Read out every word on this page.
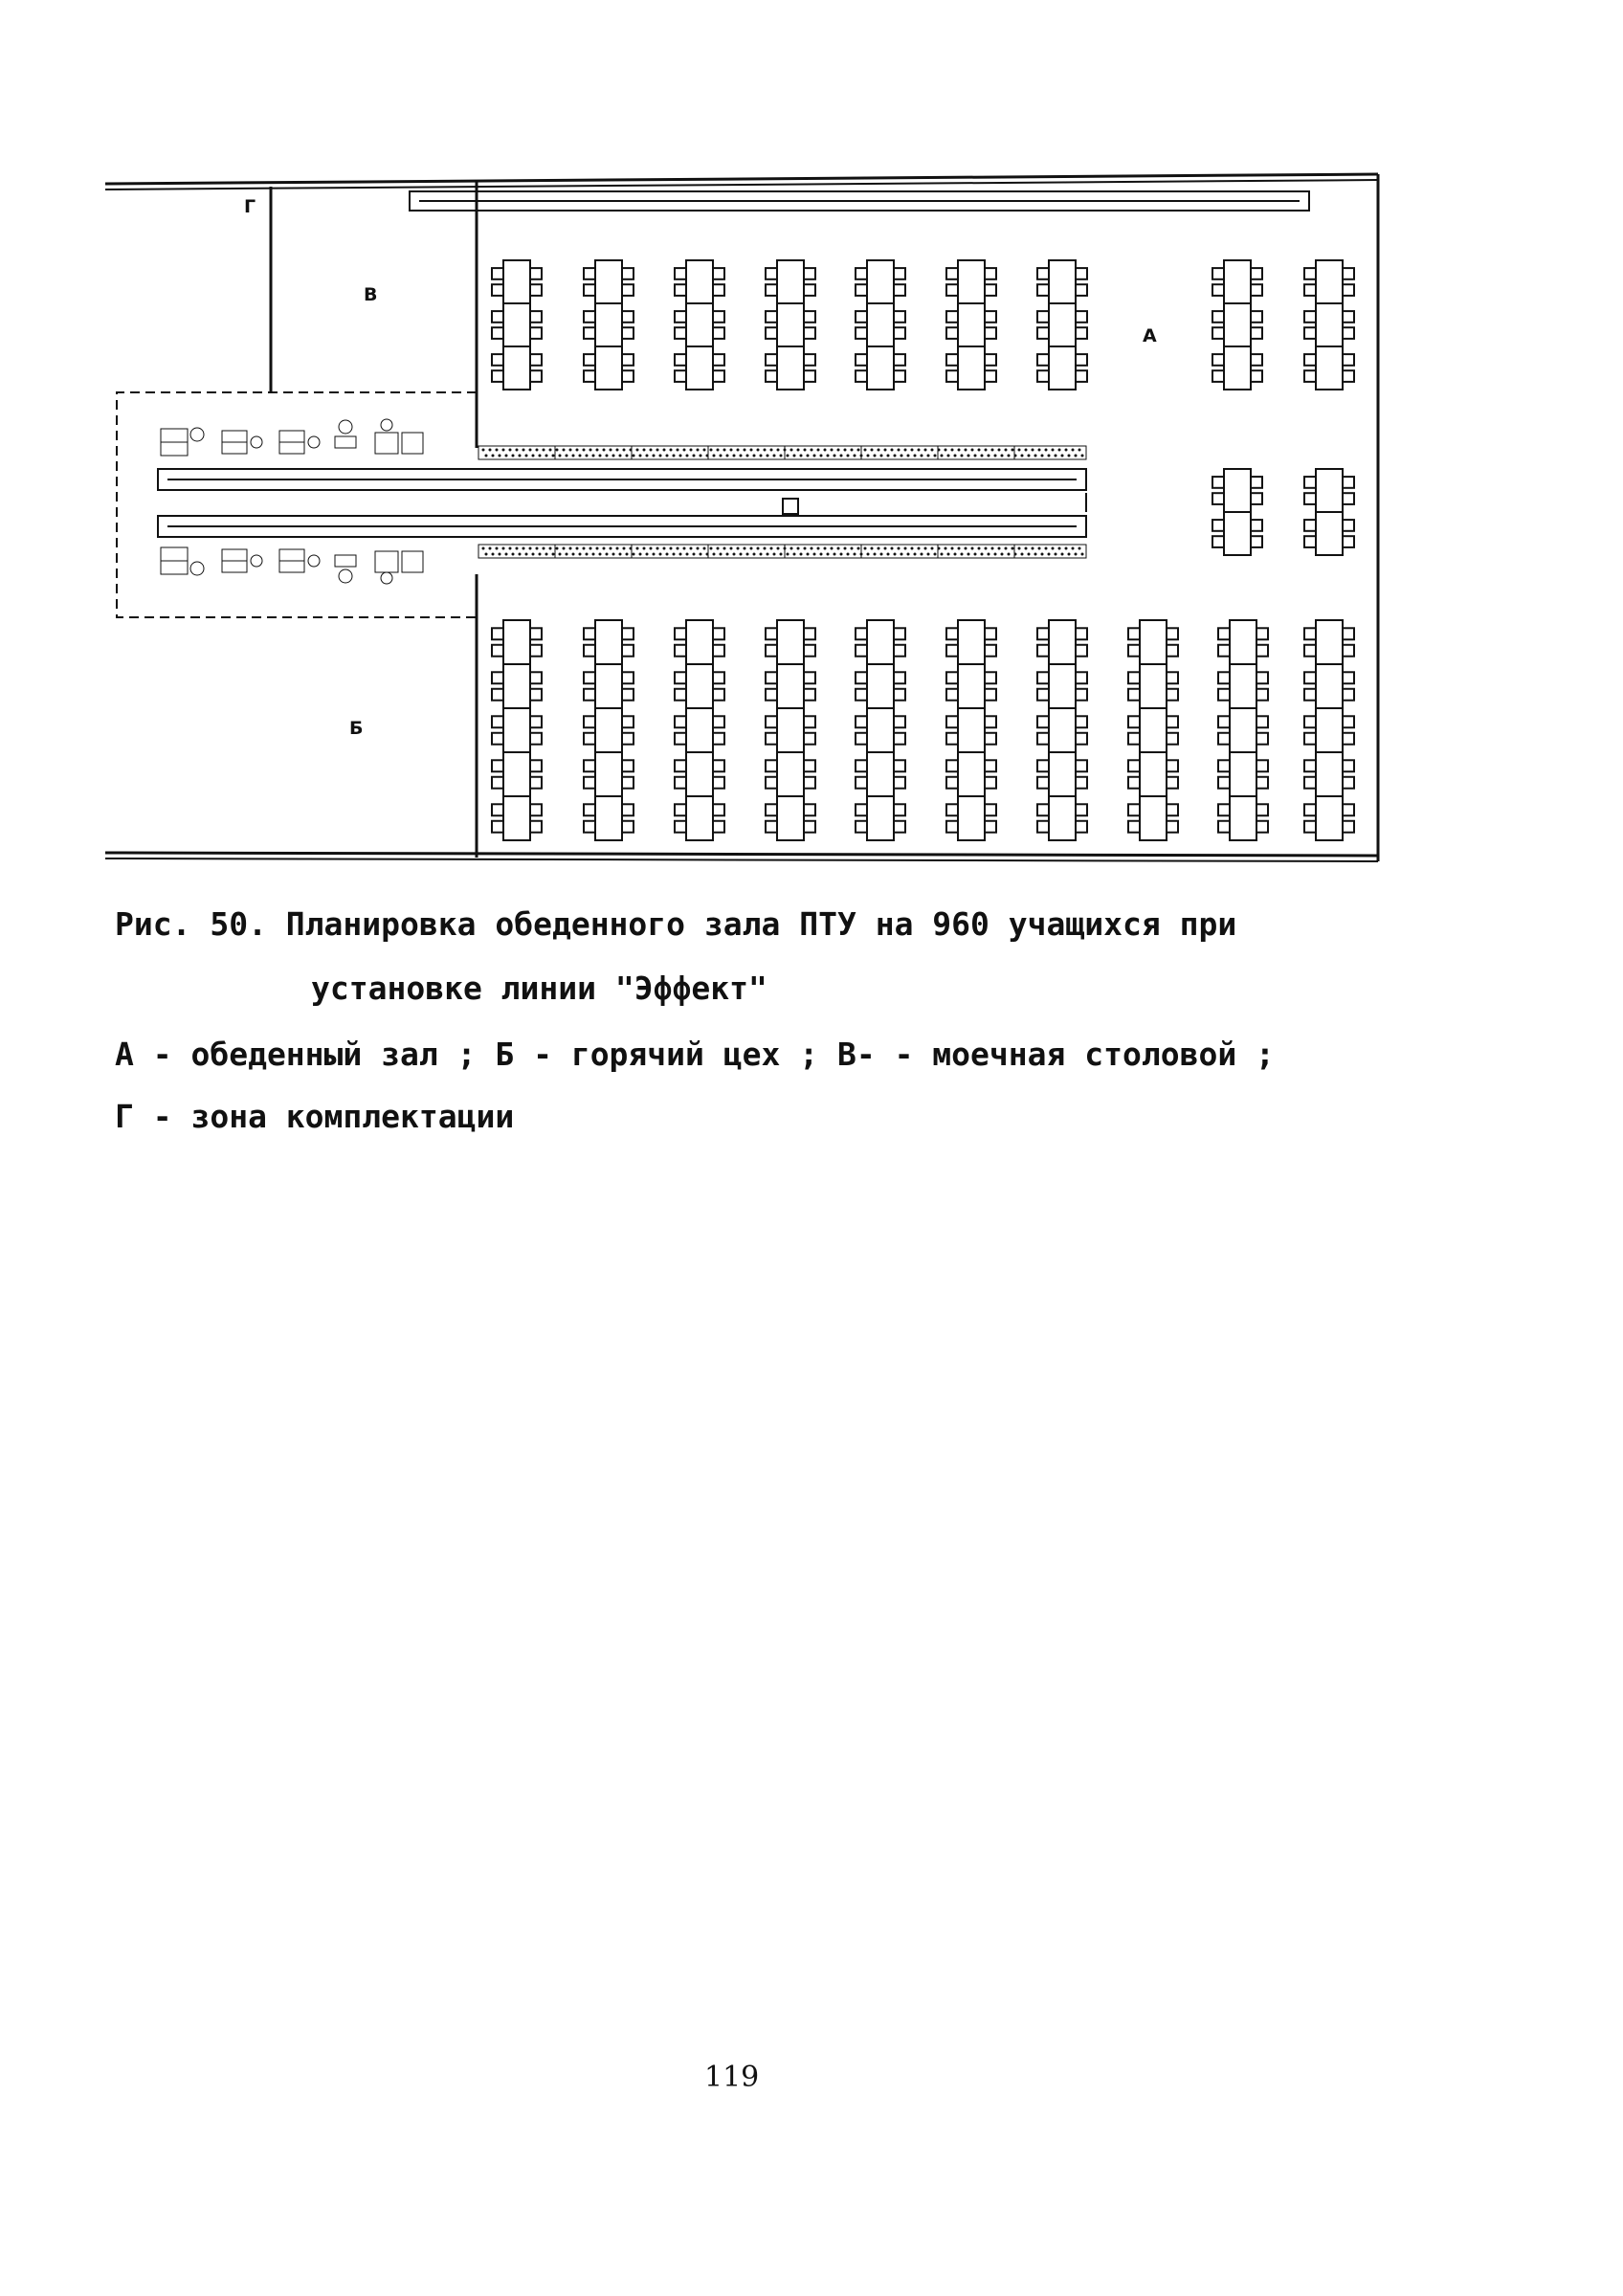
Г
В
А
Б
Рис. 50. Планировка обеденного зала ПТУ на 960 учащихся при
установке линии "Эффект"
А - обеденный зал ; Б - горячий цех ; В- - моечная столовой ;
Г - зона комплектации
119
